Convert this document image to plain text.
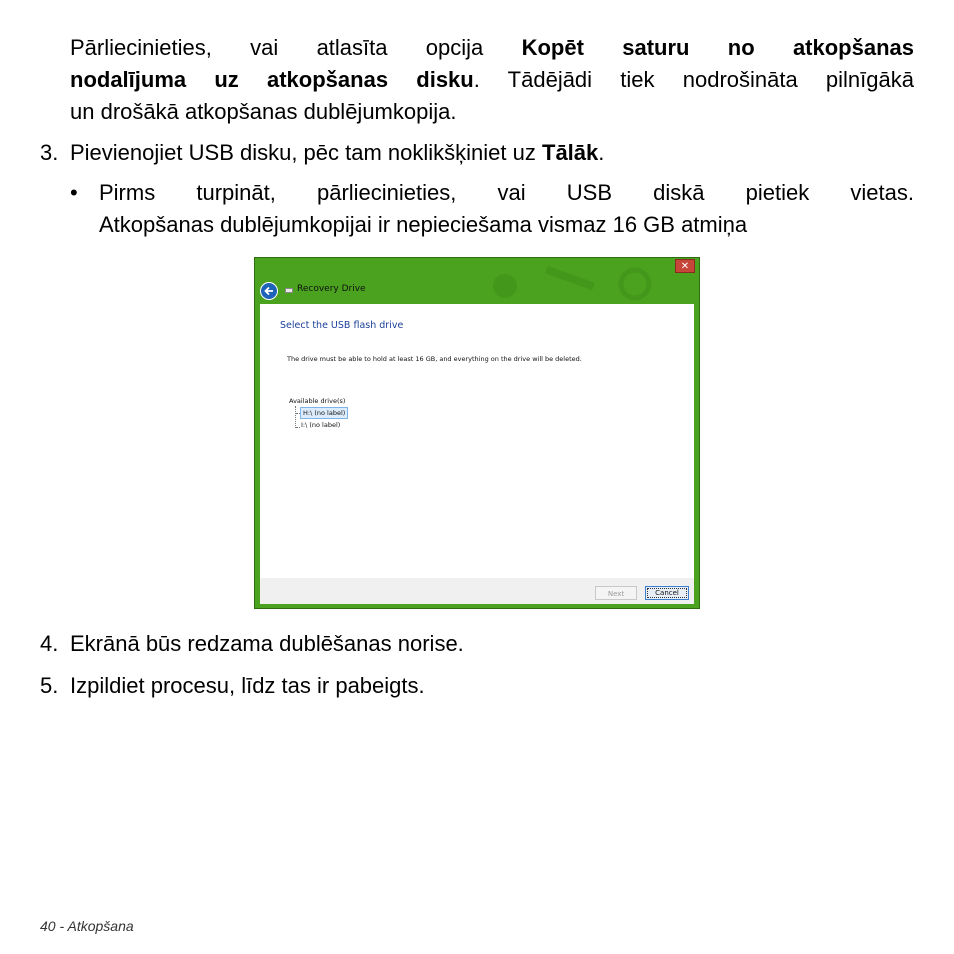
Pārliecinieties, vai atlasīta opcija Kopēt saturu no atkopšanas
nodalījuma uz atkopšanas disku. Tādējādi tiek nodrošināta pilnīgākā
un drošākā atkopšanas dublējumkopija.
3. Pievienojiet USB disku, pēc tam noklikšķiniet uz Tālāk.
• Pirms turpināt, pārliecinieties, vai USB diskā pietiek vietas.
Atkopšanas dublējumkopijai ir nepieciešama vismaz 16 GB atmiņa
✕
Recovery Drive
Select the USB flash drive
The drive must be able to hold at least 16 GB, and everything on the drive will be deleted.
Available drive(s)
H:\ (no label)
I:\ (no label)
Next	Cancel
4. Ekrānā būs redzama dublēšanas norise.
5. Izpildiet procesu, līdz tas ir pabeigts.
40 - Atkopšana
